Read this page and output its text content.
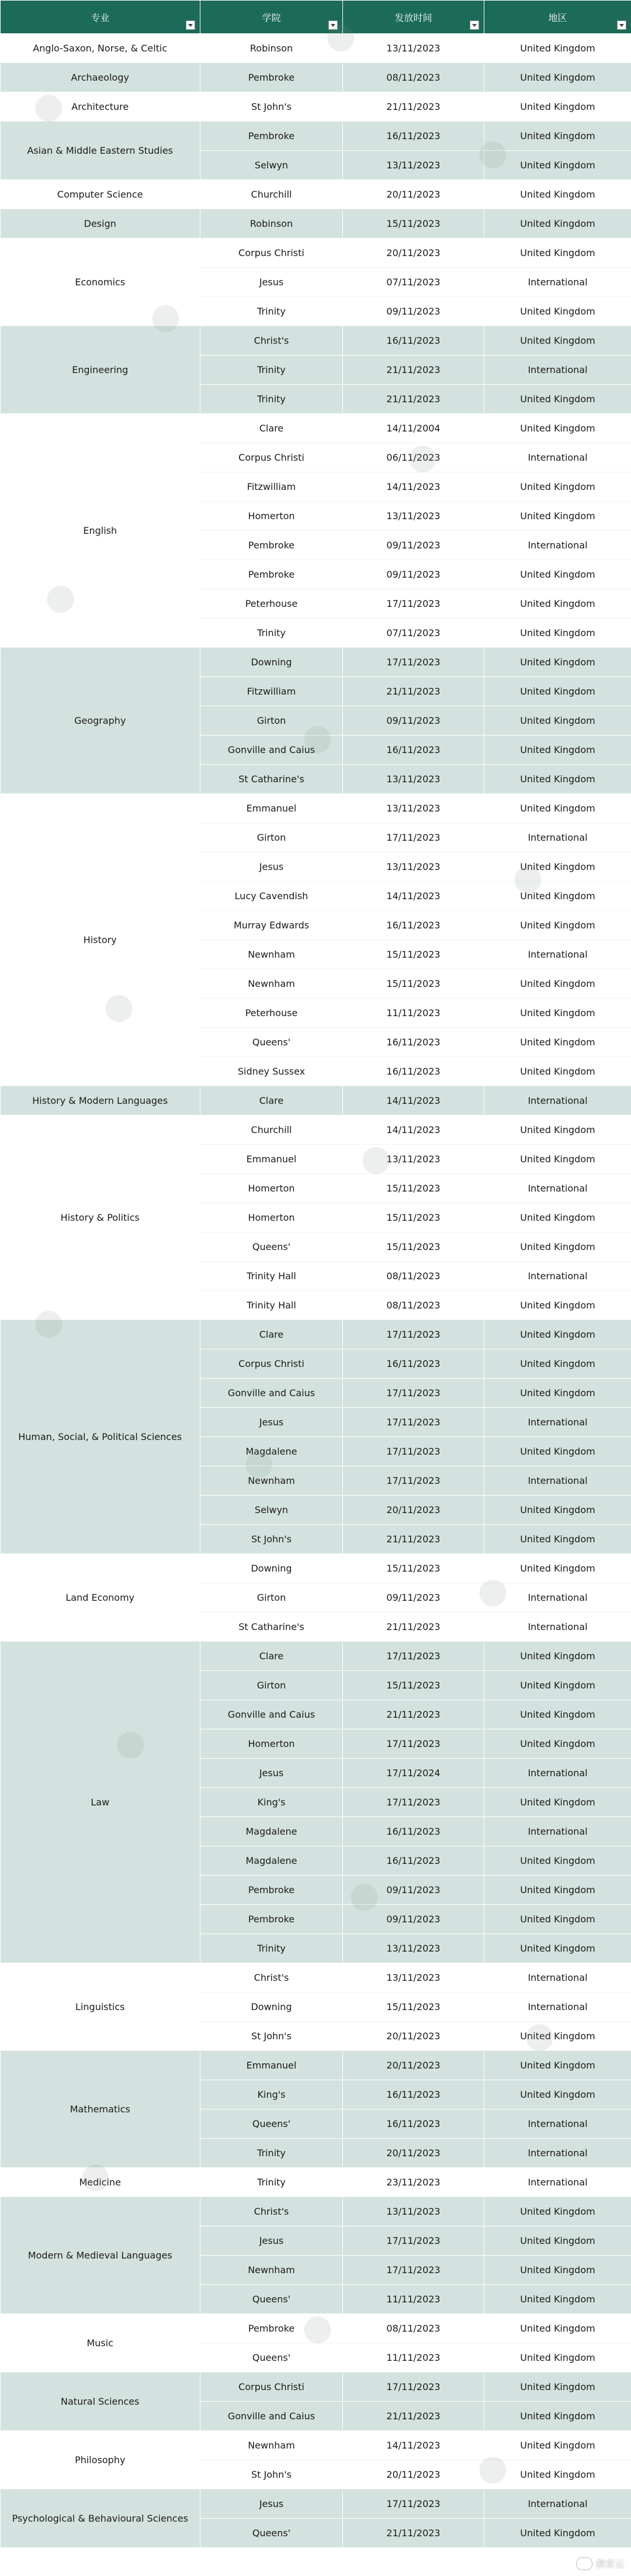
专业	学院	发放时间	地区

Anglo-Saxon, Norse, & Celtic	Robinson	13/11/2023	United Kingdom
Archaeology	Pembroke	08/11/2023	United Kingdom
Architecture	St John's	21/11/2023	United Kingdom
Asian & Middle Eastern Studies	Pembroke	16/11/2023	United Kingdom
	Selwyn	13/11/2023	United Kingdom
Computer Science	Churchill	20/11/2023	United Kingdom
Design	Robinson	15/11/2023	United Kingdom
Economics	Corpus Christi	20/11/2023	United Kingdom
	Jesus	07/11/2023	International
	Trinity	09/11/2023	United Kingdom
Engineering	Christ's	16/11/2023	United Kingdom
	Trinity	21/11/2023	International
	Trinity	21/11/2023	United Kingdom
English	Clare	14/11/2004	United Kingdom
	Corpus Christi	06/11/2023	International
	Fitzwilliam	14/11/2023	United Kingdom
	Homerton	13/11/2023	United Kingdom
	Pembroke	09/11/2023	International
	Pembroke	09/11/2023	United Kingdom
	Peterhouse	17/11/2023	United Kingdom
	Trinity	07/11/2023	United Kingdom
Geography	Downing	17/11/2023	United Kingdom
	Fitzwilliam	21/11/2023	United Kingdom
	Girton	09/11/2023	United Kingdom
	Gonville and Caius	16/11/2023	United Kingdom
	St Catharine's	13/11/2023	United Kingdom
History	Emmanuel	13/11/2023	United Kingdom
	Girton	17/11/2023	International
	Jesus	13/11/2023	United Kingdom
	Lucy Cavendish	14/11/2023	United Kingdom
	Murray Edwards	16/11/2023	United Kingdom
	Newnham	15/11/2023	International
	Newnham	15/11/2023	United Kingdom
	Peterhouse	11/11/2023	United Kingdom
	Queens'	16/11/2023	United Kingdom
	Sidney Sussex	16/11/2023	United Kingdom
History & Modern Languages	Clare	14/11/2023	International
History & Politics	Churchill	14/11/2023	United Kingdom
	Emmanuel	13/11/2023	United Kingdom
	Homerton	15/11/2023	International
	Homerton	15/11/2023	United Kingdom
	Queens'	15/11/2023	United Kingdom
	Trinity Hall	08/11/2023	International
	Trinity Hall	08/11/2023	United Kingdom
Human, Social, & Political Sciences	Clare	17/11/2023	United Kingdom
	Corpus Christi	16/11/2023	United Kingdom
	Gonville and Caius	17/11/2023	United Kingdom
	Jesus	17/11/2023	International
	Magdalene	17/11/2023	United Kingdom
	Newnham	17/11/2023	International
	Selwyn	20/11/2023	United Kingdom
	St John's	21/11/2023	United Kingdom
Land Economy	Downing	15/11/2023	United Kingdom
	Girton	09/11/2023	International
	St Catharine's	21/11/2023	International
Law	Clare	17/11/2023	United Kingdom
	Girton	15/11/2023	United Kingdom
	Gonville and Caius	21/11/2023	United Kingdom
	Homerton	17/11/2023	United Kingdom
	Jesus	17/11/2024	International
	King's	17/11/2023	United Kingdom
	Magdalene	16/11/2023	International
	Magdalene	16/11/2023	United Kingdom
	Pembroke	09/11/2023	United Kingdom
	Pembroke	09/11/2023	United Kingdom
	Trinity	13/11/2023	United Kingdom
Linguistics	Christ's	13/11/2023	International
	Downing	15/11/2023	International
	St John's	20/11/2023	United Kingdom
Mathematics	Emmanuel	20/11/2023	United Kingdom
	King's	16/11/2023	United Kingdom
	Queens'	16/11/2023	International
	Trinity	20/11/2023	International
Medicine	Trinity	23/11/2023	International
Modern & Medieval Languages	Christ's	13/11/2023	United Kingdom
	Jesus	17/11/2023	United Kingdom
	Newnham	17/11/2023	United Kingdom
	Queens'	11/11/2023	United Kingdom
Music	Pembroke	08/11/2023	United Kingdom
	Queens'	11/11/2023	United Kingdom
Natural Sciences	Corpus Christi	17/11/2023	United Kingdom
	Gonville and Caius	21/11/2023	United Kingdom
Philosophy	Newnham	14/11/2023	United Kingdom
	St John's	20/11/2023	United Kingdom
Psychological & Behavioural Sciences	Jesus	17/11/2023	International
	Queens'	21/11/2023	United Kingdom
教育云
